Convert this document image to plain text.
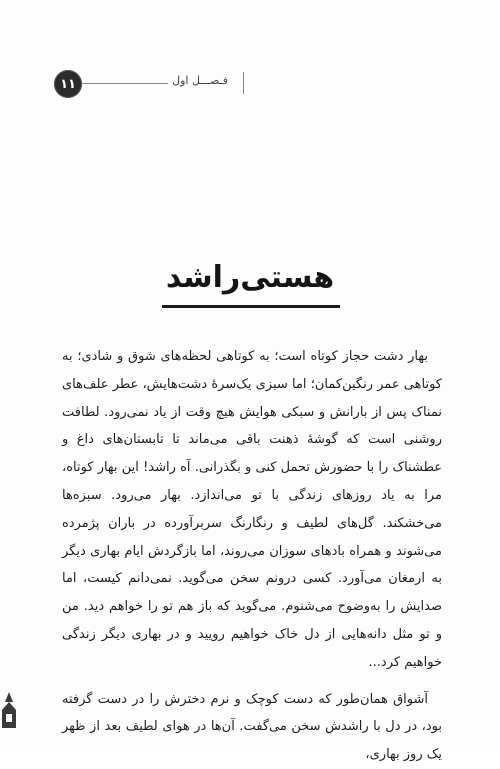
۱۱	فـصـــل اول
هستی‌راشد

بهار دشت حجاز کوتاه است؛ به کوتاهی لحظه‌های شوق و شادی؛ به کوتاهی عمر رنگین‌کمان؛ اما سبزی یک‌سرهٔ دشت‌هایش، عطر علف‌های نمناک پس از بارانش و سبکی هوایش هیچ وقت از یاد نمی‌رود. لطافت روشنی است که گوشهٔ ذهنت باقی می‌ماند تا تابستان‌های داغ و عطشناک را با حضورش تحمل کنی و بگذرانی. آه راشد! این بهار کوتاه، مرا به یاد روزهای زندگی با تو می‌اندازد. بهار می‌رود. سبزه‌ها می‌خشکند. گل‌های لطیف و رنگارنگ سربرآورده در باران پژمرده می‌شوند و همراه بادهای سوزان می‌روند، اما بازگردش ایام بهاری دیگر به ارمغان می‌آورد. کسی درونم سخن می‌گوید. نمی‌دانم کیست، اما صدایش را به‌وضوح می‌شنوم. می‌گوید که باز هم تو را خواهم دید. من و تو مثل دانه‌هایی از دل خاک خواهیم رویید و در بهاری دیگر زندگی خواهیم کرد...

آشواق همان‌طور که دست کوچک و نرم دخترش را در دست گرفته بود، در دل با راشدش سخن می‌گفت. آن‌ها در هوای لطیف بعد از ظهر یک روز بهاری،
